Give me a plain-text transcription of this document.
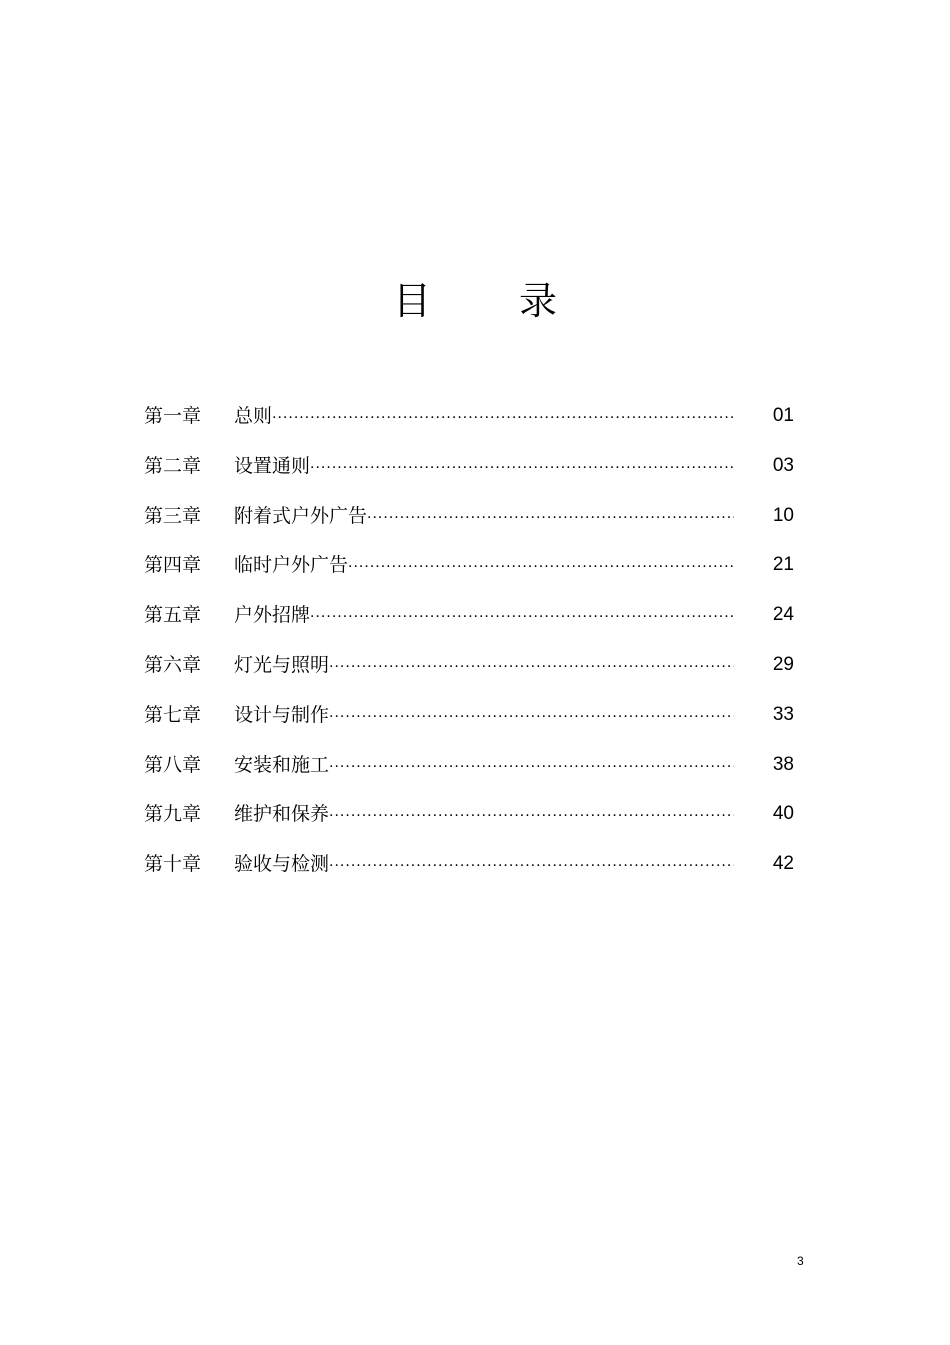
目 录
第一章 总则 ·····	01
第二章 设置通则 ·····	03
第三章 附着式户外广告 ·····	10
第四章 临时户外广告 ·····	21
第五章 户外招牌 ·····	24
第六章 灯光与照明 ·····	29
第七章 设计与制作 ·····	33
第八章 安装和施工 ·····	38
第九章 维护和保养 ·····	40
第十章 验收与检测 ·····	42
3
